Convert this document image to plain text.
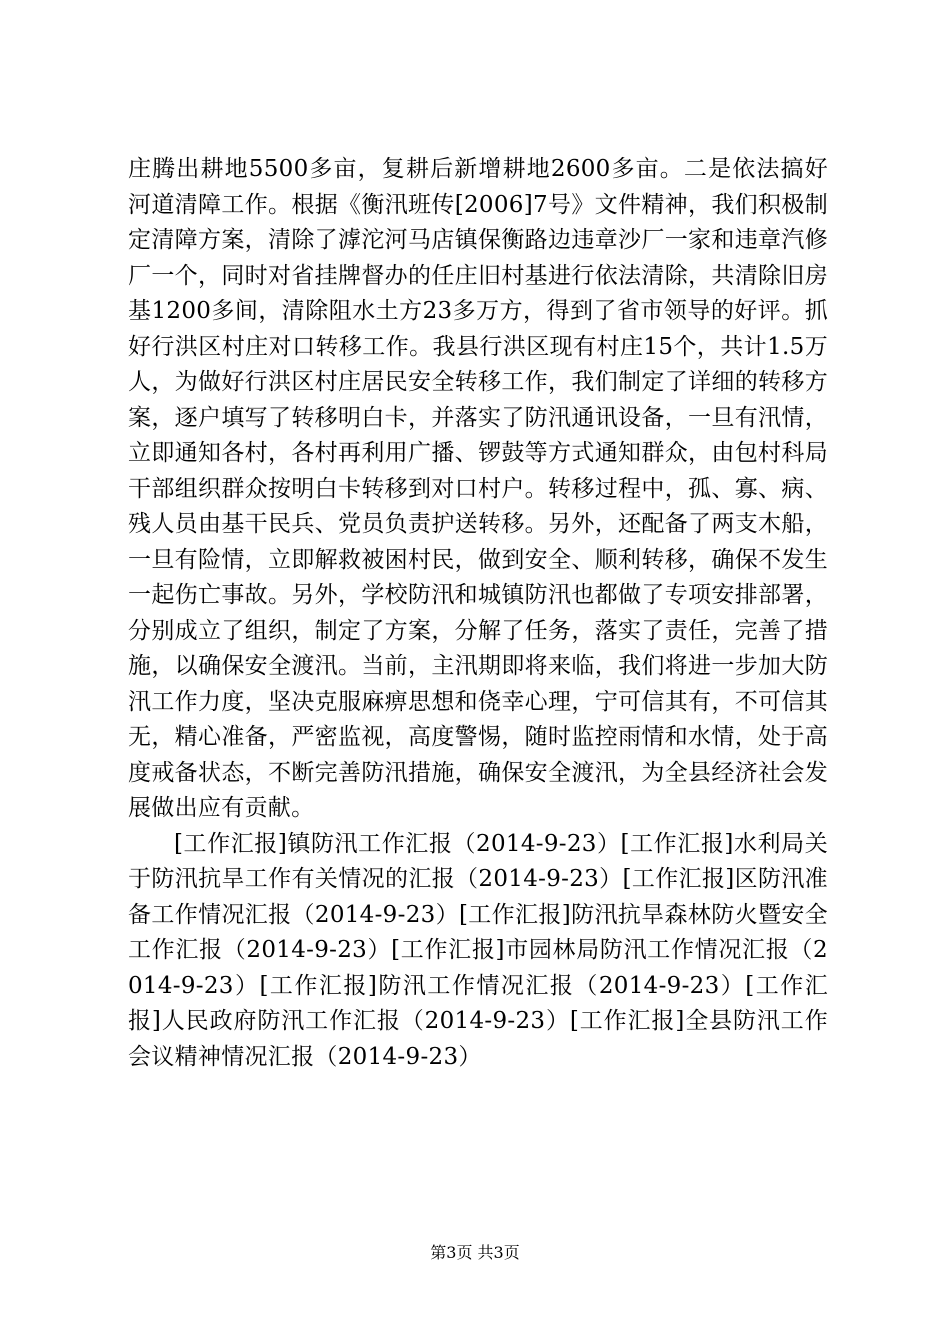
庄腾出耕地5500多亩，复耕后新增耕地2600多亩。二是依法搞好河道清障工作。根据《衡汛班传[2006]7号》文件精神，我们积极制定清障方案，清除了滹沱河马店镇保衡路边违章沙厂一家和违章汽修厂一个，同时对省挂牌督办的任庄旧村基进行依法清除，共清除旧房基1200多间，清除阻水土方23多万方，得到了省市领导的好评。抓好行洪区村庄对口转移工作。我县行洪区现有村庄15个，共计1.5万人，为做好行洪区村庄居民安全转移工作，我们制定了详细的转移方案，逐户填写了转移明白卡，并落实了防汛通讯设备，一旦有汛情，立即通知各村，各村再利用广播、锣鼓等方式通知群众，由包村科局干部组织群众按明白卡转移到对口村户。转移过程中，孤、寡、病、残人员由基干民兵、党员负责护送转移。另外，还配备了两支木船，一旦有险情，立即解救被困村民，做到安全、顺利转移，确保不发生一起伤亡事故。另外，学校防汛和城镇防汛也都做了专项安排部署，分别成立了组织，制定了方案，分解了任务，落实了责任，完善了措施，以确保安全渡汛。当前，主汛期即将来临，我们将进一步加大防汛工作力度，坚决克服麻痹思想和侥幸心理，宁可信其有，不可信其无，精心准备，严密监视，高度警惕，随时监控雨情和水情，处于高度戒备状态，不断完善防汛措施，确保安全渡汛，为全县经济社会发展做出应有贡献。

[工作汇报]镇防汛工作汇报（2014-9-23）[工作汇报]水利局关于防汛抗旱工作有关情况的汇报（2014-9-23）[工作汇报]区防汛准备工作情况汇报（2014-9-23）[工作汇报]防汛抗旱森林防火暨安全工作汇报（2014-9-23）[工作汇报]市园林局防汛工作情况汇报（2014-9-23）[工作汇报]防汛工作情况汇报（2014-9-23）[工作汇报]人民政府防汛工作汇报（2014-9-23）[工作汇报]全县防汛工作会议精神情况汇报（2014-9-23）

第3页 共3页
